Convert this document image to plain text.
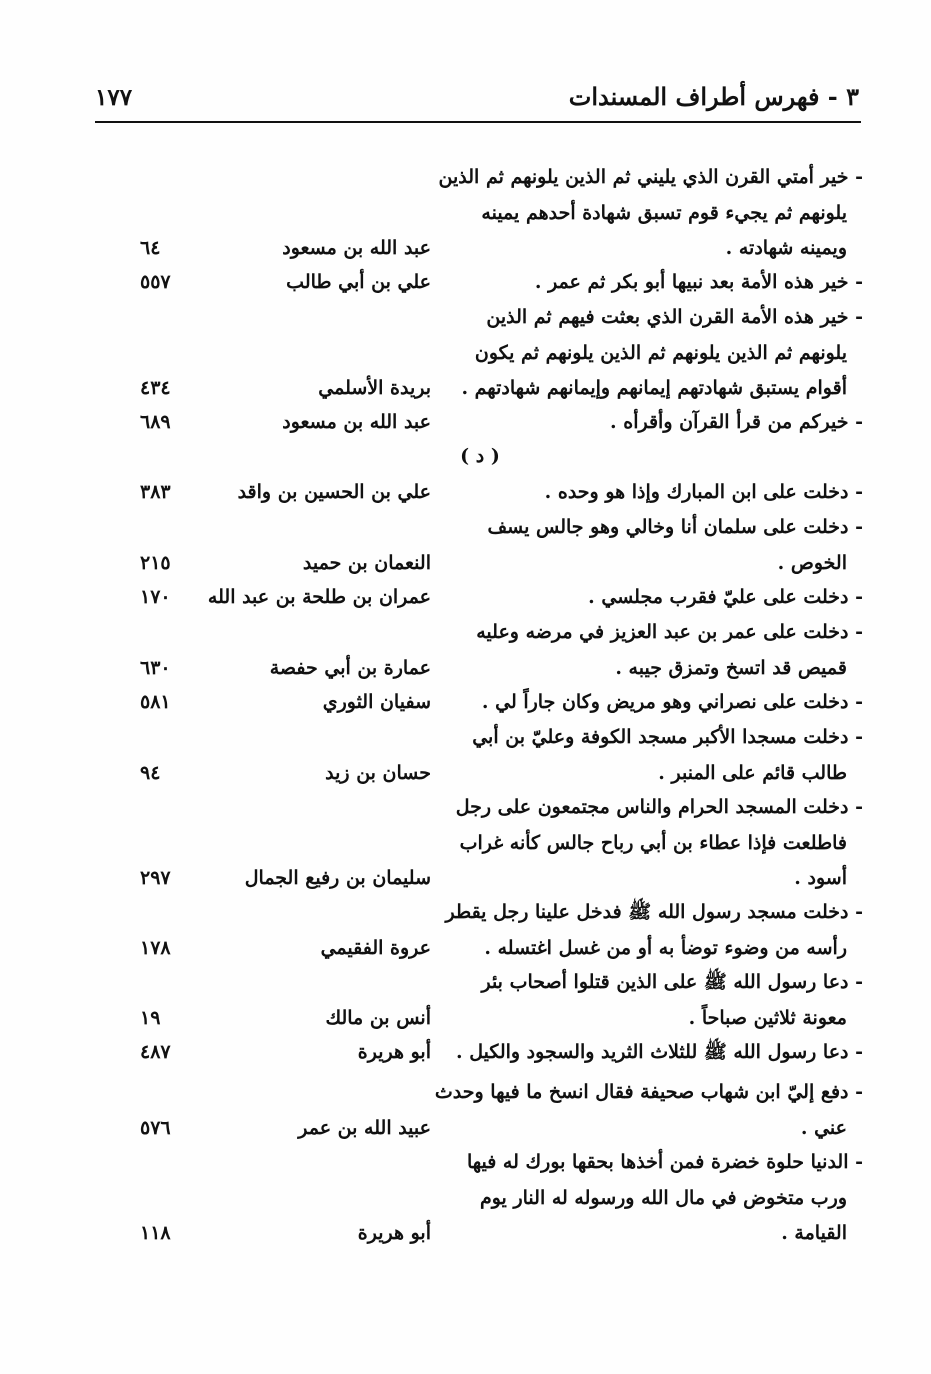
٣ - فهرس أطراف المسندات
١٧٧
- خير أمتي القرن الذي يليني ثم الذين يلونهم ثم الذين
يلونهم ثم يجيء قوم تسبق شهادة أحدهم يمينه
ويمينه شهادته .
عبد الله بن مسعود
٦٤
- خير هذه الأمة بعد نبيها أبو بكر ثم عمر .
علي بن أبي طالب
٥٥٧
- خير هذه الأمة القرن الذي بعثت فيهم ثم الذين
يلونهم ثم الذين يلونهم ثم الذين يلونهم ثم يكون
أقوام يستبق شهادتهم إيمانهم وإيمانهم شهادتهم .
بريدة الأسلمي
٤٣٤
- خيركم من قرأ القرآن وأقرأه .
عبد الله بن مسعود
٦٨٩
- دخلت على ابن المبارك وإذا هو وحده .
علي بن الحسين بن واقد
٣٨٣
- دخلت على سلمان أنا وخالي وهو جالس يسف
الخوص .
النعمان بن حميد
٢١٥
- دخلت على عليّ فقرب مجلسي .
عمران بن طلحة بن عبد الله
١٧٠
- دخلت على عمر بن عبد العزيز في مرضه وعليه
قميص قد اتسخ وتمزق جيبه .
عمارة بن أبي حفصة
٦٣٠
- دخلت على نصراني وهو مريض وكان جاراً لي .
سفيان الثوري
٥٨١
- دخلت مسجدا الأكبر مسجد الكوفة وعليّ بن أبي
طالب قائم على المنبر .
حسان بن زيد
٩٤
- دخلت المسجد الحرام والناس مجتمعون على رجل
فاطلعت فإذا عطاء بن أبي رباح جالس كأنه غراب
أسود .
سليمان بن رفيع الجمال
٢٩٧
- دخلت مسجد رسول الله ﷺ فدخل علينا رجل يقطر
رأسه من وضوء توضأ به أو من غسل اغتسله .
عروة الفقيمي
١٧٨
- دعا رسول الله ﷺ على الذين قتلوا أصحاب بئر
معونة ثلاثين صباحاً .
أنس بن مالك
١٩
- دعا رسول الله ﷺ للثلاث الثريد والسجود والكيل .
أبو هريرة
٤٨٧
- دفع إليّ ابن شهاب صحيفة فقال انسخ ما فيها وحدث
عني .
عبيد الله بن عمر
٥٧٦
- الدنيا حلوة خضرة فمن أخذها بحقها بورك له فيها
ورب متخوض في مال الله ورسوله له النار يوم
القيامة .
أبو هريرة
١١٨
( د )
